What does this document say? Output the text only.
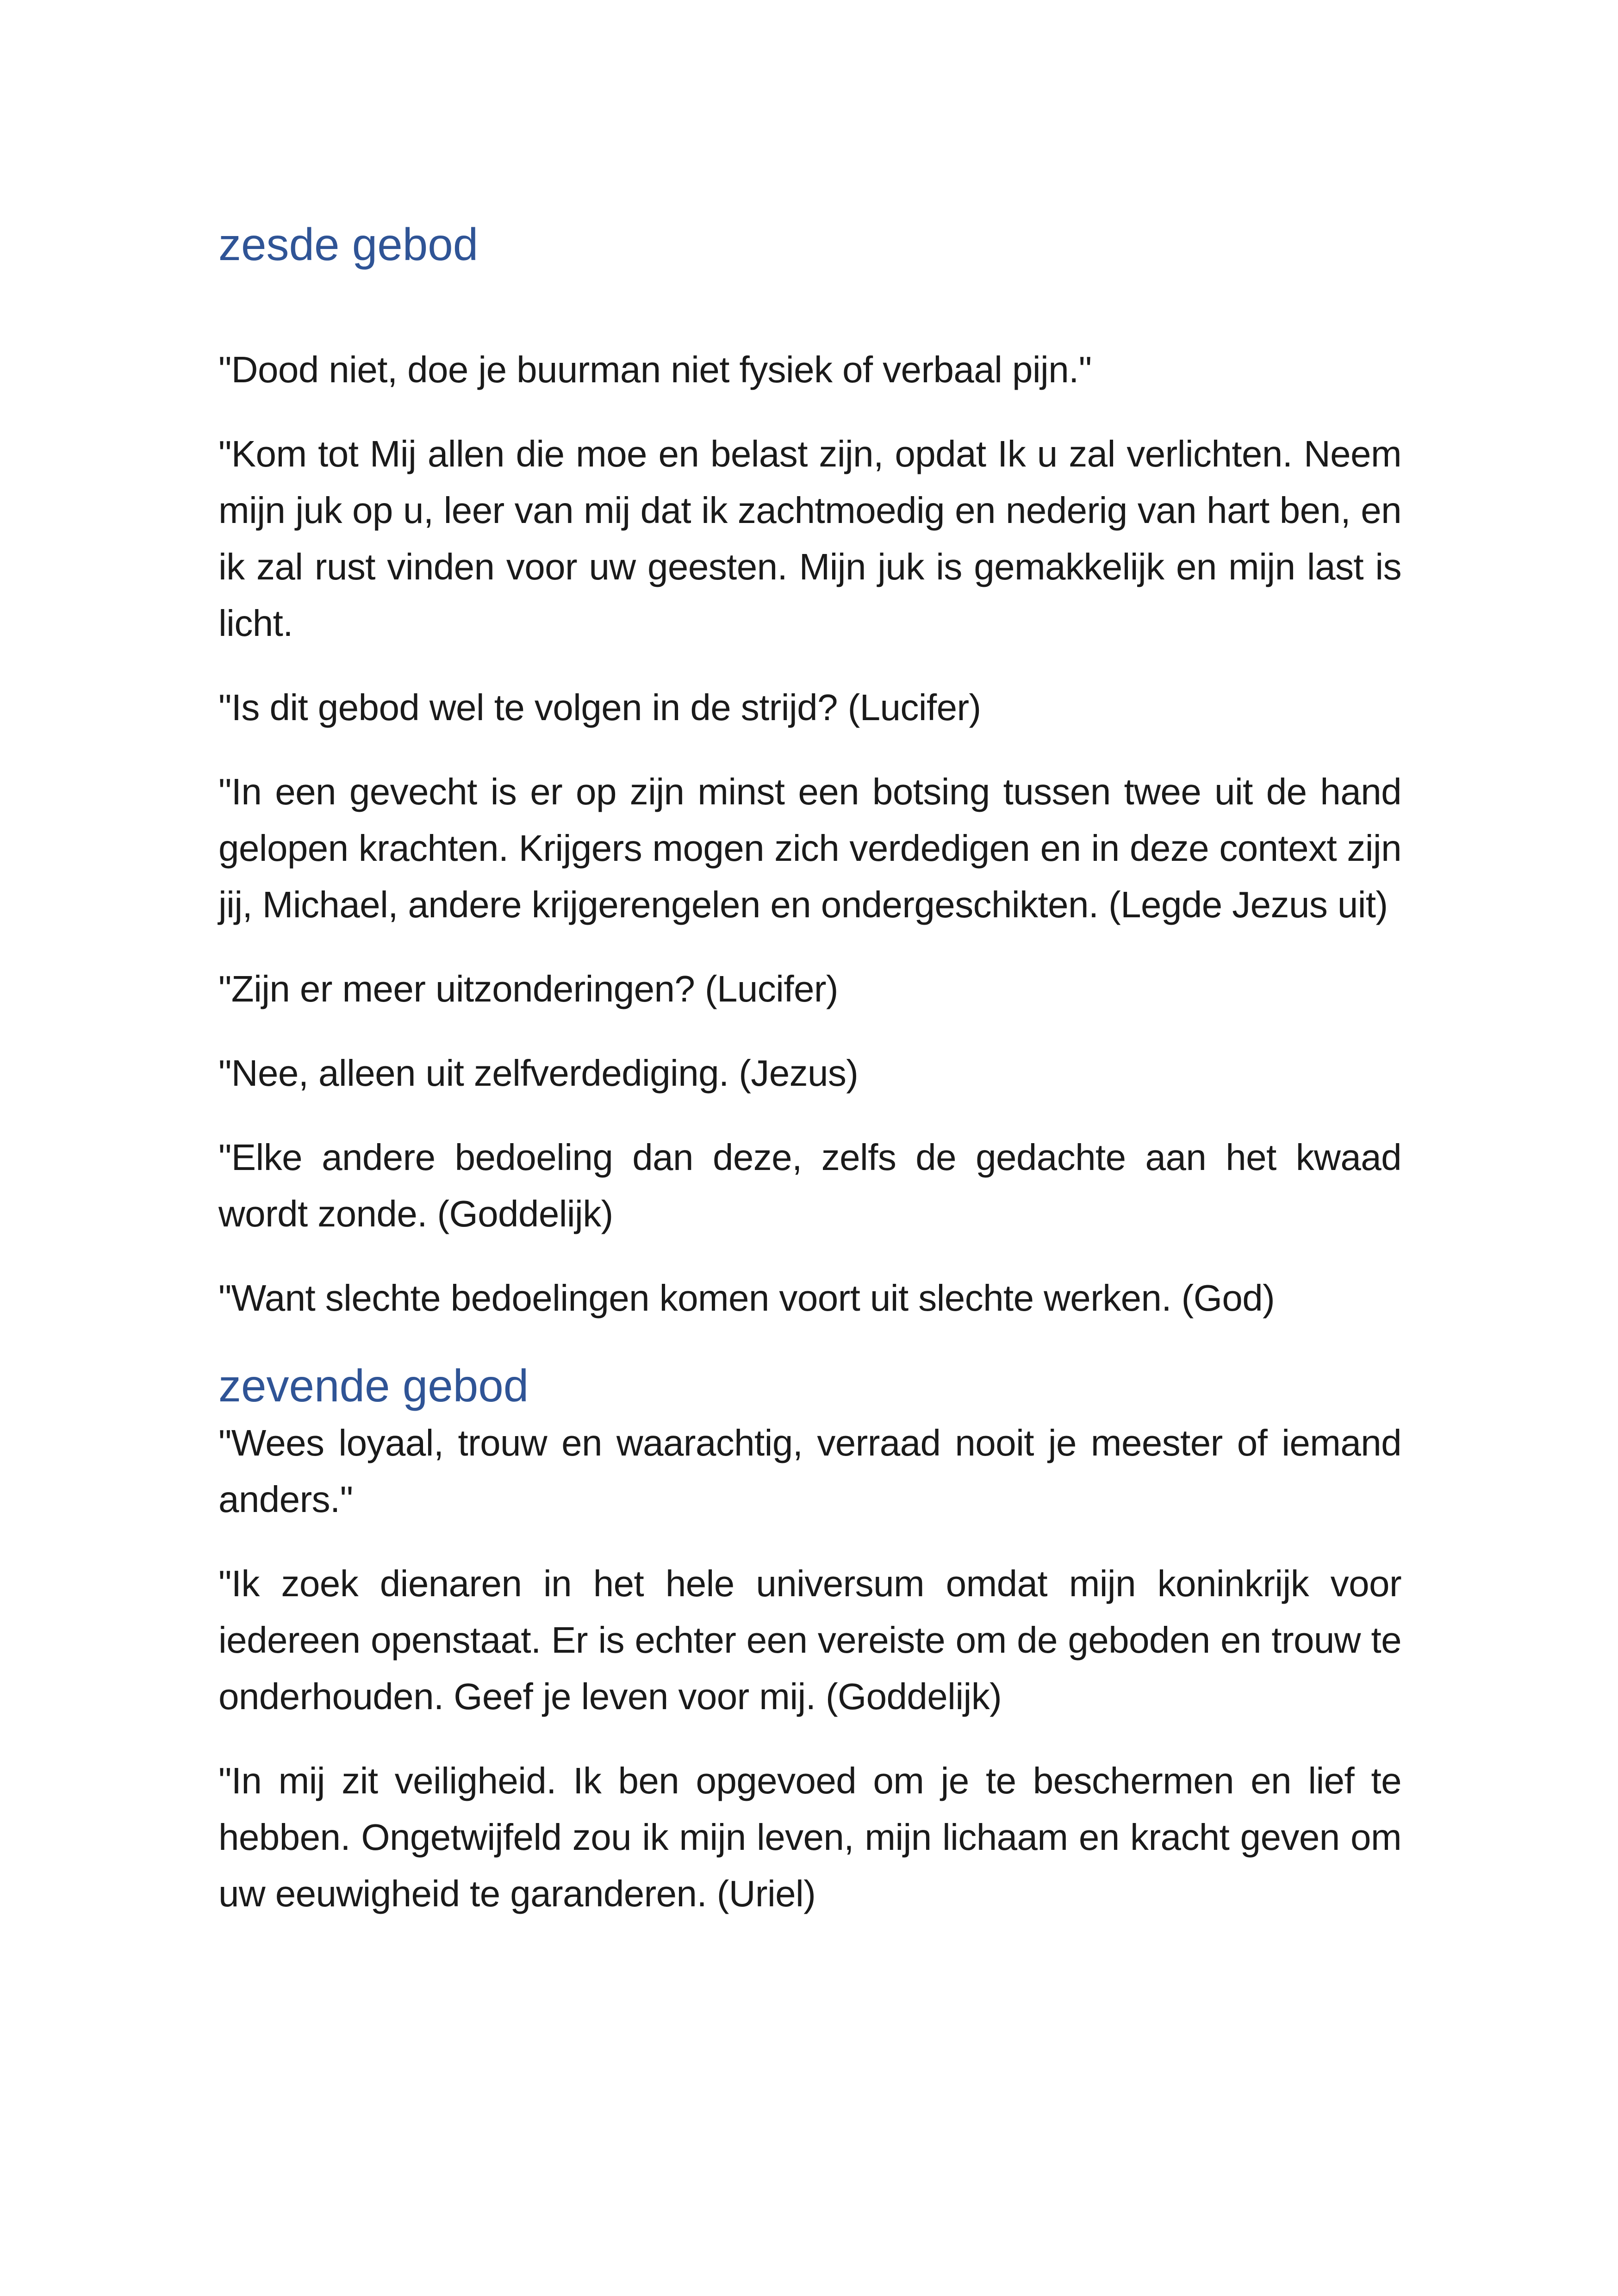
zesde gebod

"Dood niet, doe je buurman niet fysiek of verbaal pijn."

"Kom tot Mij allen die moe en belast zijn, opdat Ik u zal verlichten. Neem mijn juk op u, leer van mij dat ik zachtmoedig en nederig van hart ben, en ik zal rust vinden voor uw geesten. Mijn juk is gemakkelijk en mijn last is licht.

"Is dit gebod wel te volgen in de strijd? (Lucifer)

"In een gevecht is er op zijn minst een botsing tussen twee uit de hand gelopen krachten. Krijgers mogen zich verdedigen en in deze context zijn jij, Michael, andere krijgerengelen en ondergeschikten. (Legde Jezus uit)

"Zijn er meer uitzonderingen? (Lucifer)

"Nee, alleen uit zelfverdediging. (Jezus)

"Elke andere bedoeling dan deze, zelfs de gedachte aan het kwaad wordt zonde. (Goddelijk)

"Want slechte bedoelingen komen voort uit slechte werken. (God)

zevende gebod

"Wees loyaal, trouw en waarachtig, verraad nooit je meester of iemand anders."

"Ik zoek dienaren in het hele universum omdat mijn koninkrijk voor iedereen openstaat. Er is echter een vereiste om de geboden en trouw te onderhouden. Geef je leven voor mij. (Goddelijk)

"In mij zit veiligheid. Ik ben opgevoed om je te beschermen en lief te hebben. Ongetwijfeld zou ik mijn leven, mijn lichaam en kracht geven om uw eeuwigheid te garanderen. (Uriel)
